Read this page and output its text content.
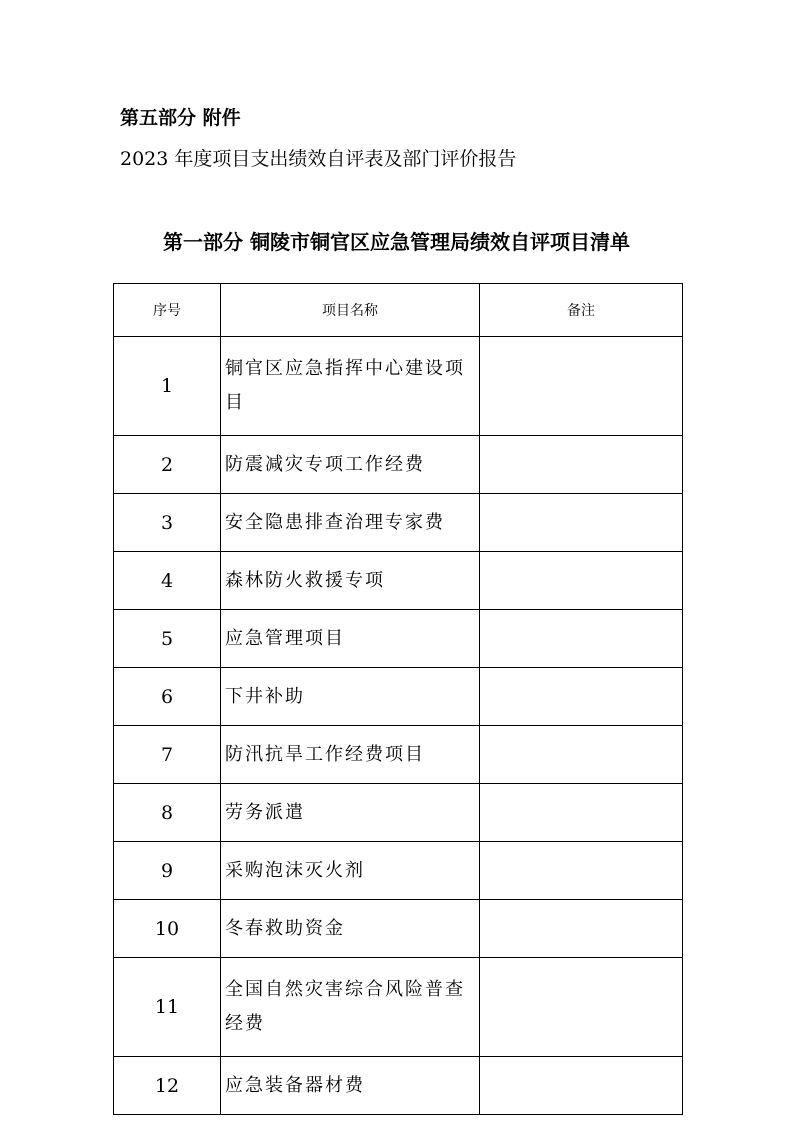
第五部分 附件
2023 年度项目支出绩效自评表及部门评价报告
第一部分 铜陵市铜官区应急管理局绩效自评项目清单
序号	项目名称	备注
1	铜官区应急指挥中心建设项目	
2	防震减灾专项工作经费	
3	安全隐患排查治理专家费	
4	森林防火救援专项	
5	应急管理项目	
6	下井补助	
7	防汛抗旱工作经费项目	
8	劳务派遣	
9	采购泡沫灭火剂	
10	冬春救助资金	
11	全国自然灾害综合风险普查经费	
12	应急装备器材费	
